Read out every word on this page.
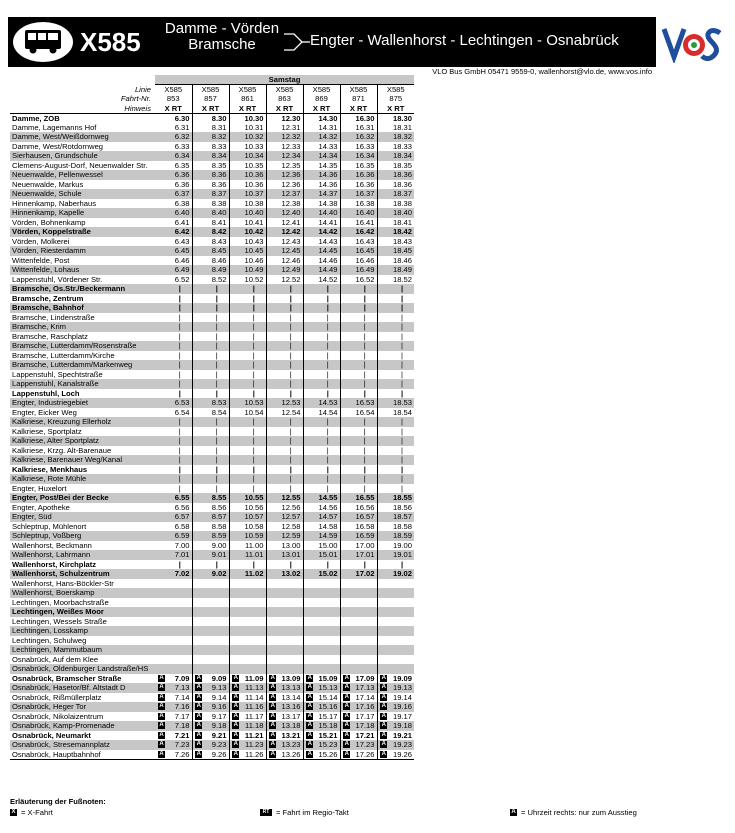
X585	Damme - Vörden Bramsche	Engter - Wallenhorst - Lechtingen - Osnabrück
VLO Bus GmbH 05471 9559-0, wallenhorst@vlo.de, www.vos.info
	Samstag													
Linie	X585		X585		X585		X585		X585		X585		X585	
Fahrt-Nr.	853		857		861		863		869		871		875	
Hinweis	X RT		X RT		X RT		X RT		X RT		X RT		X RT	
Damme, ZOB		6.30		8.30		10.30		12.30		14.30		16.30		18.30
Damme, Lagemanns Hof		6.31		8.31		10.31		12.31		14.31		16.31		18.31
Damme, West/Weißdornweg		6.32		8.32		10.32		12.32		14.32		16.32		18.32
Damme, West/Rotdornweg		6.33		8.33		10.33		12.33		14.33		16.33		18.33
Sierhausen, Grundschule		6.34		8.34		10.34		12.34		14.34		16.34		18.34
Clemens-August-Dorf, Neuenwalder Str.		6.35		8.35		10.35		12.35		14.35		16.35		18.35
Neuenwalde, Pellenwessel		6.36		8.36		10.36		12.36		14.36		16.36		18.36
Neuenwalde, Markus		6.36		8.36		10.36		12.36		14.36		16.36		18.36
Neuenwalde, Schule		6.37		8.37		10.37		12.37		14.37		16.37		18.37
Hinnenkamp, Naberhaus		6.38		8.38		10.38		12.38		14.38		16.38		18.38
Hinnenkamp, Kapelle		6.40		8.40		10.40		12.40		14.40		16.40		18.40
Vörden, Bohnenkamp		6.41		8.41		10.41		12.41		14.41		16.41		18.41
Vörden, Koppelstraße		6.42		8.42		10.42		12.42		14.42		16.42		18.42
Vörden, Molkerei		6.43		8.43		10.43		12.43		14.43		16.43		18.43
Vörden, Riesterdamm		6.45		8.45		10.45		12.45		14.45		16.45		18.45
Wittenfelde, Post		6.46		8.46		10.46		12.46		14.46		16.46		18.46
Wittenfelde, Lohaus		6.49		8.49		10.49		12.49		14.49		16.49		18.49
Lappenstuhl, Vördener Str.		6.52		8.52		10.52		12.52		14.52		16.52		18.52
Bramsche, Os.Str./Beckermann		|		|		|		|		|		|		|
Bramsche, Zentrum		|		|		|		|		|		|		|
Bramsche, Bahnhof		|		|		|		|		|		|		|
Bramsche, Lindenstraße		|		|		|		|		|		|		|
Bramsche, Krim		|		|		|		|		|		|		|
Bramsche, Raschplatz		|		|		|		|		|		|		|
Bramsche, Lutterdamm/Rosenstraße		|		|		|		|		|		|		|
Bramsche, Lutterdamm/Kirche		|		|		|		|		|		|		|
Bramsche, Lutterdamm/Markenweg		|		|		|		|		|		|		|
Lappenstuhl, Spechtstraße		|		|		|		|		|		|		|
Lappenstuhl, Kanalstraße		|		|		|		|		|		|		|
Lappenstuhl, Loch		|		|		|		|		|		|		|
Engter, Industriegebiet		6.53		8.53		10.53		12.53		14.53		16.53		18.53
Engter, Eicker Weg		6.54		8.54		10.54		12.54		14.54		16.54		18.54
Kalkriese, Kreuzung Ellerholz		|		|		|		|		|		|		|
Kalkriese, Sportplatz		|		|		|		|		|		|		|
Kalkriese, Alter Sportplatz		|		|		|		|		|		|		|
Kalkriese, Krzg. Alt-Barenaue		|		|		|		|		|		|		|
Kalkriese, Barenauer Weg/Kanal		|		|		|		|		|		|		|
Kalkriese, Menkhaus		|		|		|		|		|		|		|
Kalkriese, Rote Mühle		|		|		|		|		|		|		|
Engter, Huxelort		|		|		|		|		|		|		|
Engter, Post/Bei der Becke		6.55		8.55		10.55		12.55		14.55		16.55		18.55
Engter, Apotheke		6.56		8.56		10.56		12.56		14.56		16.56		18.56
Engter, Süd		6.57		8.57		10.57		12.57		14.57		16.57		18.57
Schleptrup, Mühlenort		6.58		8.58		10.58		12.58		14.58		16.58		18.58
Schleptrup, Voßberg		6.59		8.59		10.59		12.59		14.59		16.59		18.59
Wallenhorst, Beckmann		7.00		9.00		11.00		13.00		15.00		17.00		19.00
Wallenhorst, Lahrmann		7.01		9.01		11.01		13.01		15.01		17.01		19.01
Wallenhorst, Kirchplatz		|		|		|		|		|		|		|
Wallenhorst, Schulzentrum		7.02		9.02		11.02		13.02		15.02		17.02		19.02
Wallenhorst, Hans-Böckler-Str														
Wallenhorst, Boerskamp														
Lechtingen, Moorbachstraße														
Lechtingen, Weißes Moor														
Lechtingen, Wessels Straße														
Lechtingen, Losskamp														
Lechtingen, Schulweg														
Lechtingen, Mammutbaum														
Osnabrück, Auf dem Klee														
Osnabrück, Oldenburger Landstraße/HS														
Osnabrück, Bramscher Straße	A	7.09	A	9.09	A	11.09	A	13.09	A	15.09	A	17.09	A	19.09
Osnabrück, Hasetor/Bf. Altstadt D	A	7.13	A	9.13	A	11.13	A	13.13	A	15.13	A	17.13	A	19.13
Osnabrück, Rißmüllerplatz	A	7.14	A	9.14	A	11.14	A	13.14	A	15.14	A	17.14	A	19.14
Osnabrück, Heger Tor	A	7.16	A	9.16	A	11.16	A	13.16	A	15.16	A	17.16	A	19.16
Osnabrück, Nikolaizentrum	A	7.17	A	9.17	A	11.17	A	13.17	A	15.17	A	17.17	A	19.17
Osnabrück, Kamp-Promenade	A	7.18	A	9.18	A	11.18	A	13.18	A	15.18	A	17.18	A	19.18
Osnabrück, Neumarkt	A	7.21	A	9.21	A	11.21	A	13.21	A	15.21	A	17.21	A	19.21
Osnabrück, Stresemannplatz	A	7.23	A	9.23	A	11.23	A	13.23	A	15.23	A	17.23	A	19.23
Osnabrück, Hauptbahnhof	A	7.26	A	9.26	A	11.26	A	13.26	A	15.26	A	17.26	A	19.26
Erläuterung der Fußnoten:
X = X-Fahrt	RT = Fahrt im Regio-Takt	A = Uhrzeit rechts: nur zum Ausstieg
